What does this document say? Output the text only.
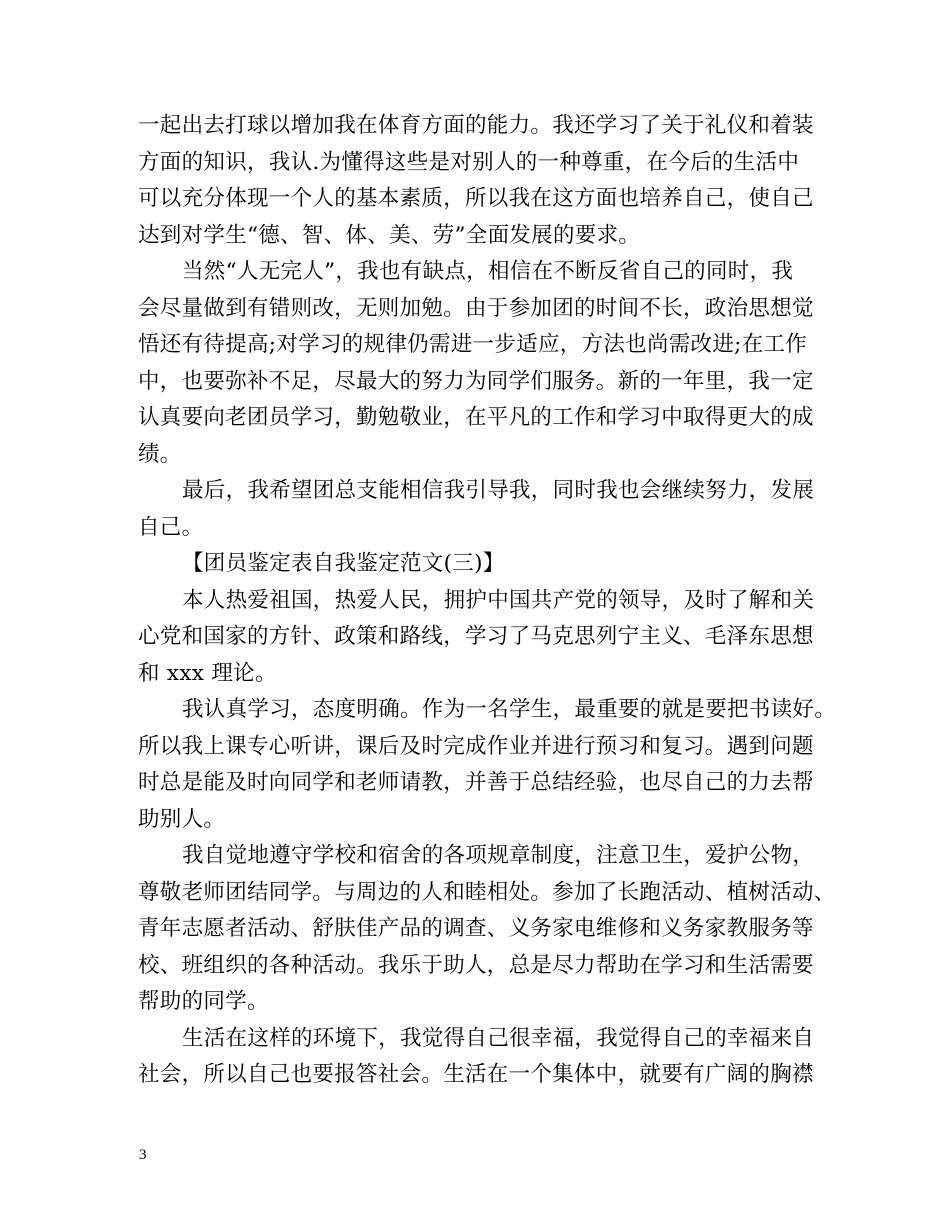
一起出去打球以增加我在体育方面的能力。我还学习了关于礼仪和着装
方面的知识，我认.为懂得这些是对别人的一种尊重，在今后的生活中
可以充分体现一个人的基本素质，所以我在这方面也培养自己，使自己
达到对学生“德、智、体、美、劳”全面发展的要求。
当然“人无完人”，我也有缺点，相信在不断反省自己的同时，我
会尽量做到有错则改，无则加勉。由于参加团的时间不长，政治思想觉
悟还有待提高;对学习的规律仍需进一步适应，方法也尚需改进;在工作
中，也要弥补不足，尽最大的努力为同学们服务。新的一年里，我一定
认真要向老团员学习，勤勉敬业，在平凡的工作和学习中取得更大的成
绩。
最后，我希望团总支能相信我引导我，同时我也会继续努力，发展
自己。
【团员鉴定表自我鉴定范文(三)】
本人热爱祖国，热爱人民，拥护中国共产党的领导，及时了解和关
心党和国家的方针、政策和路线，学习了马克思列宁主义、毛泽东思想
和 xxx 理论。
我认真学习，态度明确。作为一名学生，最重要的就是要把书读好。
所以我上课专心听讲，课后及时完成作业并进行预习和复习。遇到问题
时总是能及时向同学和老师请教，并善于总结经验，也尽自己的力去帮
助别人。
我自觉地遵守学校和宿舍的各项规章制度，注意卫生，爱护公物，
尊敬老师团结同学。与周边的人和睦相处。参加了长跑活动、植树活动、
青年志愿者活动、舒肤佳产品的调查、义务家电维修和义务家教服务等
校、班组织的各种活动。我乐于助人，总是尽力帮助在学习和生活需要
帮助的同学。
生活在这样的环境下，我觉得自己很幸福，我觉得自己的幸福来自
社会，所以自己也要报答社会。生活在一个集体中，就要有广阔的胸襟
3
